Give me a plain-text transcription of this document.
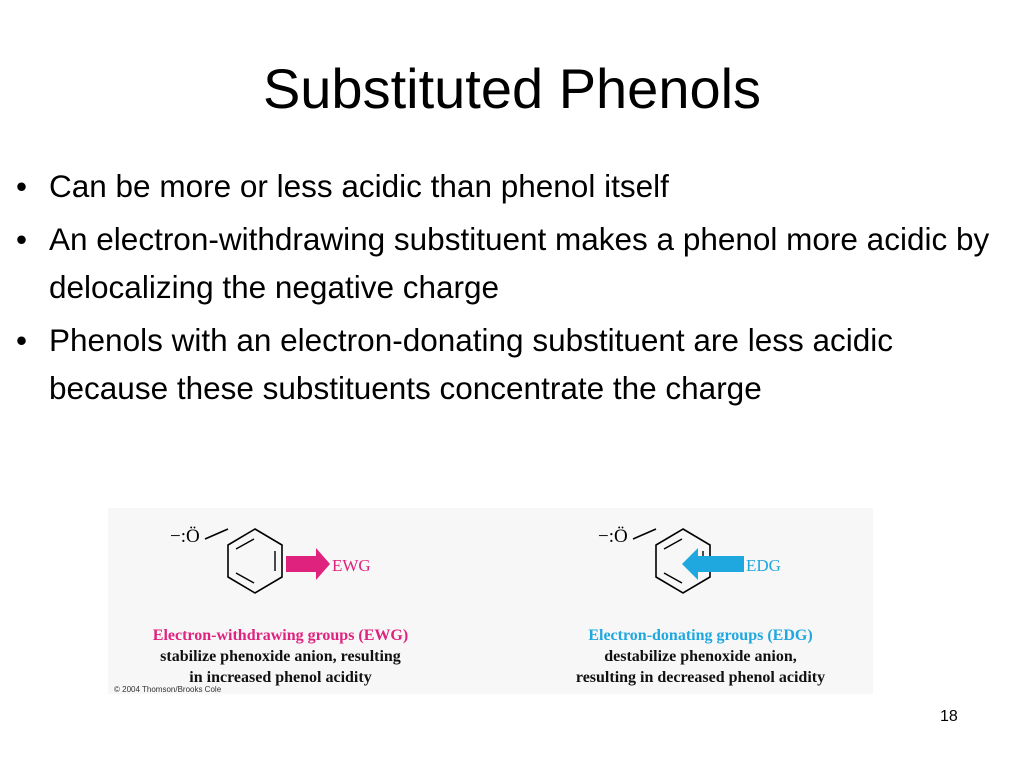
Substituted Phenols
• Can be more or less acidic than phenol itself
• An electron-withdrawing substituent makes a phenol more acidic by delocalizing the negative charge
• Phenols with an electron-donating substituent are less acidic because these substituents concentrate the charge
−:Ö
EWG
−:Ö
EDG
Electron-withdrawing groups (EWG)
stabilize phenoxide anion, resulting
in increased phenol acidity
Electron-donating groups (EDG)
destabilize phenoxide anion,
resulting in decreased phenol acidity
© 2004 Thomson/Brooks Cole
18
